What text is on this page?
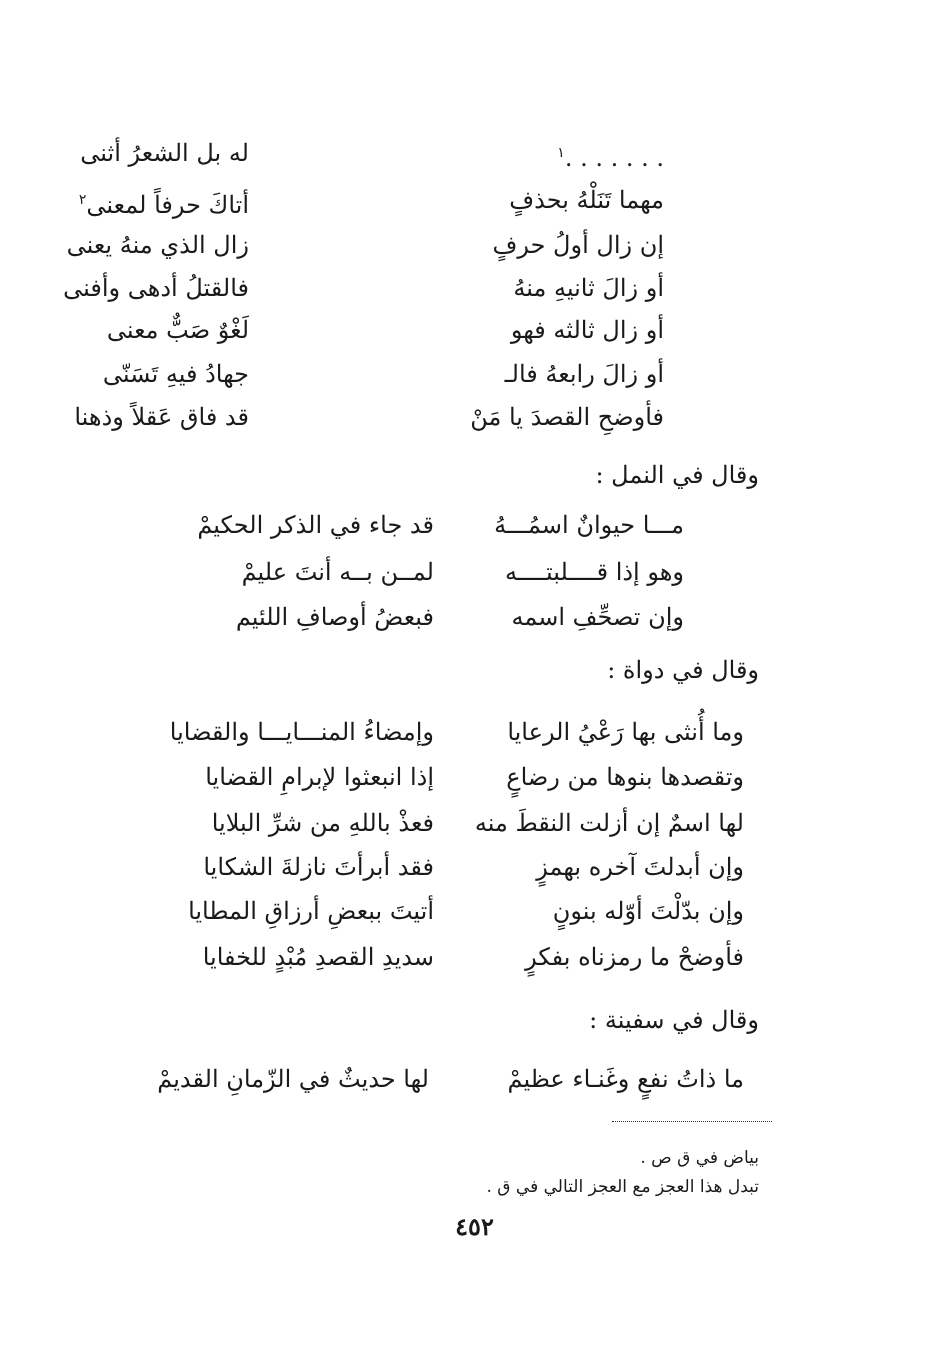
. . . . . . .$^١$
له بل الشعرُ أثنى
مهما تَنَلْهُ بحذفٍ
أتاكَ حرفاً لمعنى$^٢$
إن زال أولُ حرفٍ
زال الذي منهُ يعنى
أو زالَ ثانيهِ منهُ
فالقتلُ أدهى وأفنى
أو زال ثالثه فهو
لَغْوٌ صَبٌّ معنى
أو زالَ رابعهُ فالـ
جهادُ فيهِ تَسَنّى
فأوضحِ القصدَ يا مَنْ
قد فاق عَقلاً وذهنا
وقال في النمل :
مـــا حيوانٌ اسمُـــهُ
قد جاء في الذكر الحكيمْ
وهو إذا قــــلبتــــه
لمــن بــه أنتَ عليمْ
وإن تصحِّفِ اسمه
فبعضُ أوصافِ اللئيم
وقال في دواة :
وما أُنثى بها رَعْيُ الرعايا
وإمضاءُ المنـــايـــا والقضايا
وتقصدها بنوها من رضاعٍ
إذا انبعثوا لإبرامِ القضايا
لها اسمٌ إن أزلت النقطَ منه
فعذْ باللهِ من شرِّ البلايا
وإن أبدلتَ آخره بهمزٍ
فقد أبرأتَ نازلةَ الشكايا
وإن بدّلْتَ أوّله بنونٍ
أتيتَ ببعضِ أرزاقِ المطايا
فأوضحْ ما رمزناه بفكرٍ
سديدِ القصدِ مُبْدٍ للخفايا
وقال في سفينة :
ما ذاتُ نفعٍ وغَنـاء عظيمْ
لها حديثٌ في الزّمانِ القديمْ
بياض في ق ص .
تبدل هذا العجز مع العجز التالي في ق .
٤٥٢
